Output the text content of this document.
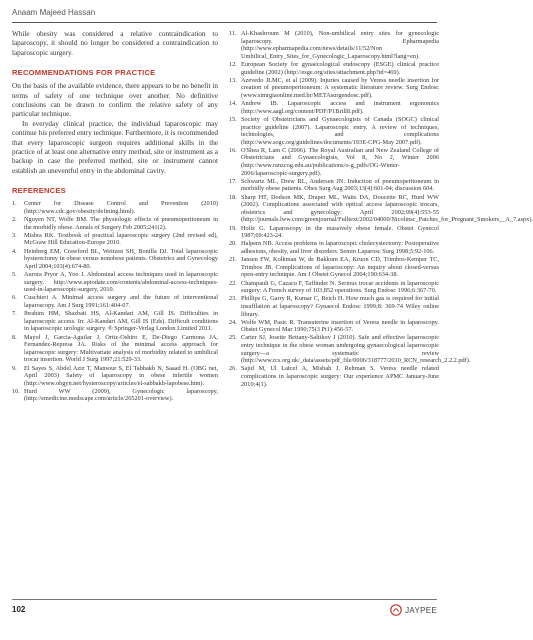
Anaam Majeed Hassan

While obesity was considered a relative contraindication to laparoscopy, it should no longer be considered a contraindication to laparoscopic surgery.

RECOMMENDATIONS FOR PRACTICE

On the basis of the available evidence, there appears to be no benefit in terms of safety of one technique over another. No definitive conclusions can be drawn to confirm the relative safety of any particular technique.

In everyday clinical practice, the individual laparoscopic may continue his preferred entry technique. Furthermore, it is recommended that every laparoscopic surgeon requires additional skills in the practice of at least one alternative entry method, site or instrument as a backup in case the preferred method, site or instrument cannot establish an uneventful entry in the abdominal cavity.

REFERENCES
1. Center for Disease Control and Prevention (2010) (http://www.cdc.gov/obesity/defining.html).
2. Nguyen NT, Wolfe BM. The physiologic effects of pneumoperitoneum in the morbidly obese. Annals of Surgery Feb 2005;241(2).
3. Mishra RK. Textbook of practical laparoscopic surgery (2nd revised ed), McGraw Hill Education-Europe 2010.
4. Heinberg EM, Crawford BL, Weitzen SH, Bonilla DJ. Total laparoscopic hysterectomy in obese versus nonobese patients. Obstetrics and Gynecology April 2004;103(4):674-80.
5. Aurora Pryor A, Yoo J. Abdominal access techniques used in laparoscopic surgery. http://www.uptodate.com/contents/abdominal-access-techniques-used-in-laparoscopic-surgery, 2010.
6. Cuschieri A. Minimal access surgery and the future of interventional laparoscopy. Am J Surg 1991;161:404-07.
7. Ibrahim HM, Shazbati HS, Al-Kandari AM, Gill IS. Difficulties in laparoscopic access. In: Al-Kandari AM, Gill IS (Eds). Difficult conditions in laparoscopic urologic surgery. ® Springer-Verlag London Limited 2011.
8. Mayol J, Garcia-Aguilar J, Ortiz-Oshiro E, De-Diego Carmona JA, Fernandez-Represa JA. Risks of the minimal access approach for laparoscopic surgery: Multivariate analysis of morbidity related to umbilical trocar insertion. World J Surg 1997;21:529-33.
9. El Sayes S, Abdel Aziz T, Mansour S, El Tabbakh N, Saaad H. (OBG net, April 2003) Safety of laparoscopy in obese infertile women (http://www.obgyn.net/hysteroscopy/articles/el-sabbakh-lapobese.htm).
10. Hurd WW (2009), Gynecologic laparoscopy, (http://emedicine.medscape.com/article/265201-overview).
11. Al-Khashroum M (2010), Non-umbilical entry sites for gynecologic laparoscopy. Epharmapedia (http://www.epharmapedia.com/news/details/11/52/Non Umbilical_Entry_Sites_for_Gynecologic_Laparoscopy.html?lang=en).
12. European Society for gynaecological endoscopy (ESGE) clinical practice guideline (2002) (http://esge.org/sites/attachment.php?id=469).
13. Azevedo JLMC, et al (2009). Injuries caused by Veress needle insertion for creation of pneumoperitoneum: A systematic literature review. Surg Endosc (www.simrgiaonline.med.br/METAsurgendosc.pdf).
14. Andrew IB. Laparoscopic access and instrument ergonomics (http://www.aagl.org/content/PDF/P1Brill8.pdf).
15. Society of Obstetricians and Gynaecologists of Canada (SOGC) clinical practice guideline (2007). Laparoscopic entry. A review of techniques, technologies, and complications (http://www.sogc.org/guidelines/documents/193E-CPG-May 2007.pdf).
16. O'Shea R, Lam C (2006). The Royal Australian and New Zealand College of Obstetricians and Gynaecologists, Vol 8, No 2, Winter 2006 (http://www.ranzcog.edu.au/publications/o-g_pdfs/OG-Winter-2006/laparoscopic-surgery.pdf).
17. Schwartz ML, Drew RL, Andersen JN. Induction of pneumoperitoneum in morbidly obese patients. Obes Surg Aug 2003;13(4):601-04; discussion 604.
18. Sharp HT, Dodson MK, Draper ML, Watts DA, Doucette RC, Hurd WW (2002). Complications associated with optical access laparoscopic trocars, obstetrics and gynecology: April 2002;99(4):553-55 (http://journals.lww.com/greenjournal/Fulltext/2002/04000/Nicolinsc_Patches_for_Pregnant_Smokers__A_7.aspx).
19. Holtz G. Laparoscopy in the massively obese female. Obstet Gynecol 1987;69:423-24.
20. Halpern NB. Access problems in laparoscopic cholecystectomy: Postoperative adhesions, obesity, and liver disorders. Semin Laparosc Surg 1998;5:92-106.
21. Jansen FW, Kolkman W, de Bakkum EA, Kruon CD, Trimbos-Kemper TC, Trimbos JB. Complications of laparoscopy: An inquiry about closed-versus open-entry technique. Am J Obstet Gynecol 2004;190:634-38.
22. Champault G, Cazacu F, Taffinder N. Serious trocar accidents in laparoscopic surgery: A French survey of 103,852 operations. Surg Endosc 1996;6:367-70.
23. Phillips G, Garry R, Kumar C, Reich H. How much gas is required for initial insufflation at laparoscopy? Gynaecol Endosc 1999;8: 369-74 Wiley online library.
24. Wolfe WM, Pasic R. Transuterine insertion of Veress needle in laparoscopy. Obstet Gynecol Mar 1990;75(3 Pt1):456-57.
25. Carter SJ, Josette Bettany-Saltikov J (2010). Safe and effective laparoscopic entry technique in the obese woman undergoing gynaecological laparoscopic surgery—a systematic review (http://www.rcs.org.uk/_data/assets/pdf_file/0006/318777/2010_RCN_research_2.2.2.pdf).
26. Sajid M, Ul Latcef A, Misbah J, Rehman S. Veress needle related complications in laparoscopic surgery: Our experience APMC January-June 2010;4(1).
102	JAYPEE
